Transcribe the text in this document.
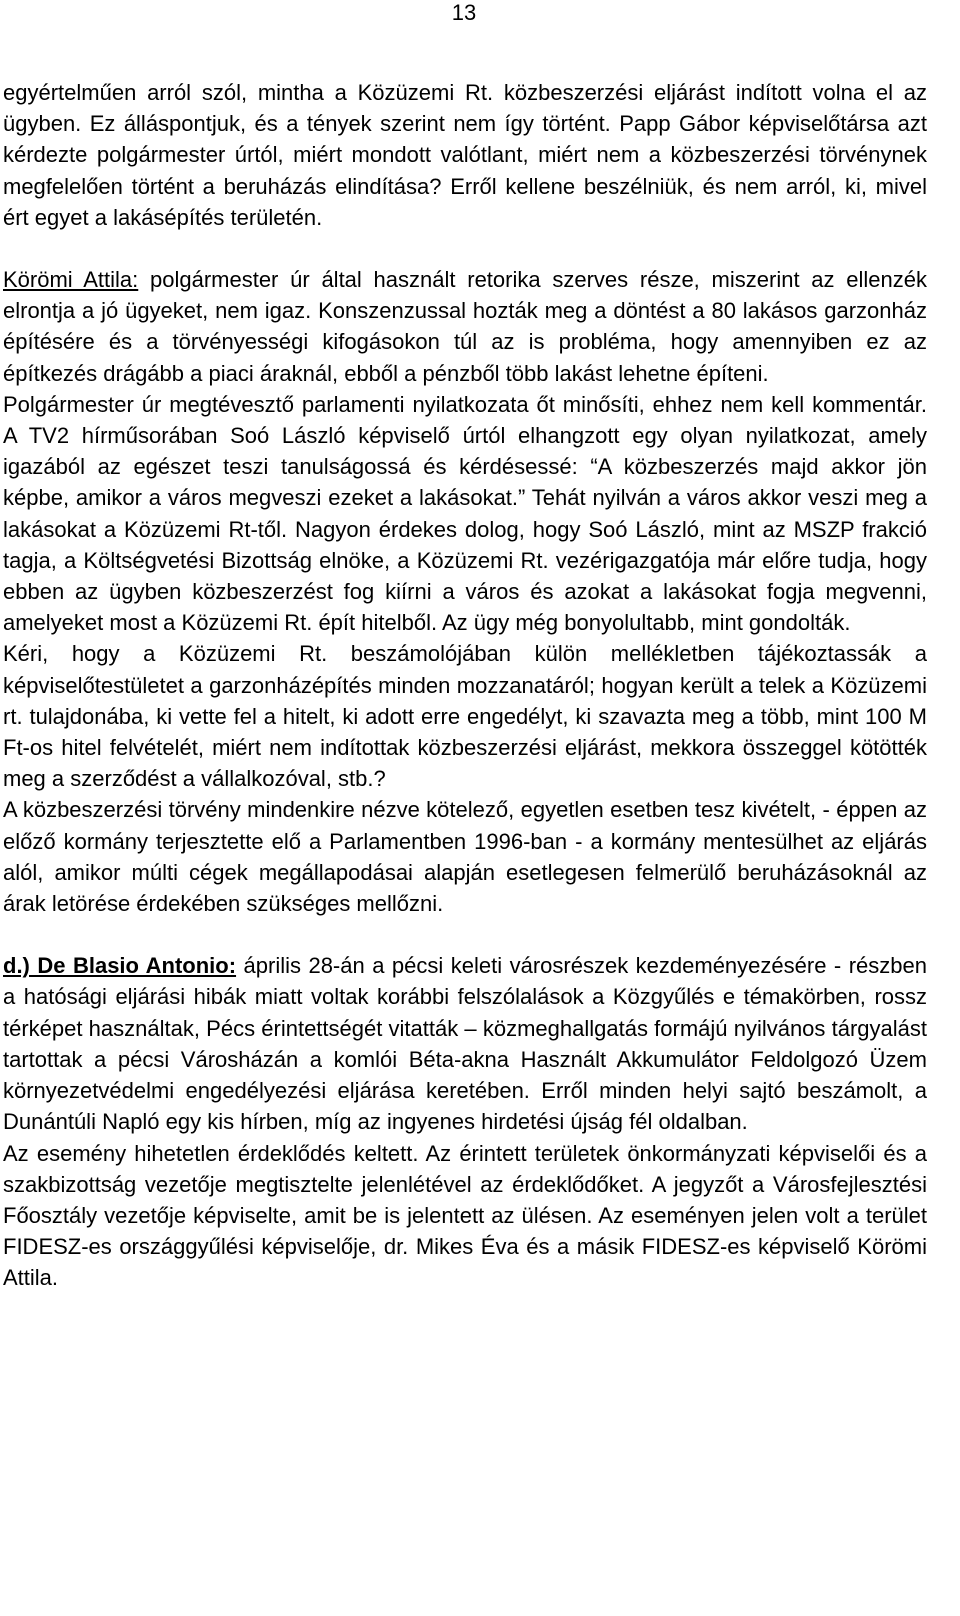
13

egyértelműen arról szól, mintha a Közüzemi Rt. közbeszerzési eljárást indított volna el az ügyben. Ez álláspontjuk, és a tények szerint nem így történt. Papp Gábor képviselőtársa azt kérdezte polgármester úrtól, miért mondott valótlant, miért nem a közbeszerzési törvénynek megfelelően történt a beruházás elindítása? Erről kellene beszélniük, és nem arról, ki, mivel ért egyet a lakásépítés területén.

Körömi Attila: polgármester úr által használt retorika szerves része, miszerint az ellenzék elrontja a jó ügyeket, nem igaz. Konszenzussal hozták meg a döntést a 80 lakásos garzonház építésére és a törvényességi kifogásokon túl az is probléma, hogy amennyiben ez az építkezés drágább a piaci áraknál, ebből a pénzből több lakást lehetne építeni.

Polgármester úr megtévesztő parlamenti nyilatkozata őt minősíti, ehhez nem kell kommentár. A TV2 hírműsorában Soó László képviselő úrtól elhangzott egy olyan nyilatkozat, amely igazából az egészet teszi tanulságossá és kérdésessé: “A közbeszerzés majd akkor jön képbe, amikor a város megveszi ezeket a lakásokat.” Tehát nyilván a város akkor veszi meg a lakásokat a Közüzemi Rt-től. Nagyon érdekes dolog, hogy Soó László, mint az MSZP frakció tagja, a Költségvetési Bizottság elnöke, a Közüzemi Rt. vezérigazgatója már előre tudja, hogy ebben az ügyben közbeszerzést fog kiírni a város és azokat a lakásokat fogja megvenni, amelyeket most a Közüzemi Rt. épít hitelből. Az ügy még bonyolultabb, mint gondolták.

Kéri, hogy a Közüzemi Rt. beszámolójában külön mellékletben tájékoztassák a képviselőtestületet a garzonházépítés minden mozzanatáról; hogyan került a telek a Közüzemi rt. tulajdonába, ki vette fel a hitelt, ki adott erre engedélyt, ki szavazta meg a több, mint 100 M Ft-os hitel felvételét, miért nem indítottak közbeszerzési eljárást, mekkora összeggel kötötték meg a szerződést a vállalkozóval, stb.?

A közbeszerzési törvény mindenkire nézve kötelező, egyetlen esetben tesz kivételt, - éppen az előző kormány terjesztette elő a Parlamentben 1996-ban - a kormány mentesülhet az eljárás alól, amikor múlti cégek megállapodásai alapján esetlegesen felmerülő beruházásoknál az árak letörése érdekében szükséges mellőzni.

d.) De Blasio Antonio: április 28-án a pécsi keleti városrészek kezdeményezésére - részben a hatósági eljárási hibák miatt voltak korábbi felszólalások a Közgyűlés e témakörben, rossz térképet használtak, Pécs érintettségét vitatták – közmeghallgatás formájú nyilvános tárgyalást tartottak a pécsi Városházán a komlói Béta-akna Használt Akkumulátor Feldolgozó Üzem környezetvédelmi engedélyezési eljárása keretében. Erről minden helyi sajtó beszámolt, a Dunántúli Napló egy kis hírben, míg az ingyenes hirdetési újság fél oldalban.

Az esemény hihetetlen érdeklődés keltett. Az érintett területek önkormányzati képviselői és a szakbizottság vezetője megtisztelte jelenlétével az érdeklődőket. A jegyzőt a Városfejlesztési Főosztály vezetője képviselte, amit be is jelentett az ülésen. Az eseményen jelen volt a terület FIDESZ-es országgyűlési képviselője, dr. Mikes Éva és a másik FIDESZ-es képviselő Körömi Attila.
